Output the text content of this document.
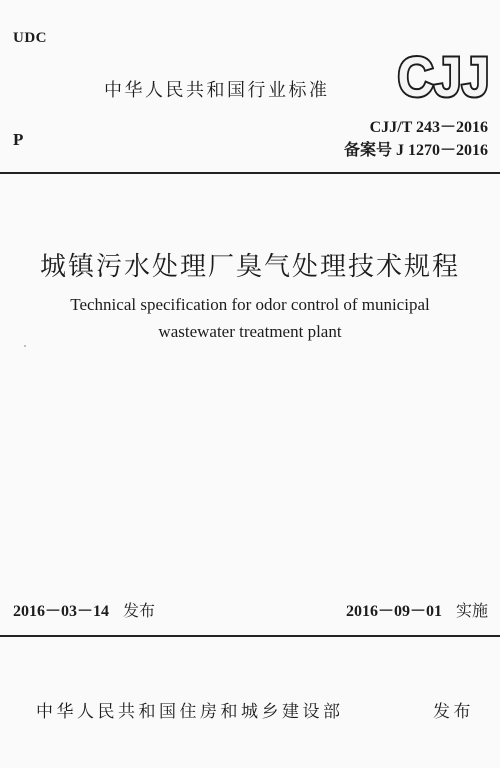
UDC
中华人民共和国行业标准 CJJ
P
CJJ/T 243－2016
备案号 J 1270－2016
城镇污水处理厂臭气处理技术规程
Technical specification for odor control of municipal
wastewater treatment plant
2016－03－14 发布	2016－09－01 实施
中华人民共和国住房和城乡建设部	发布
